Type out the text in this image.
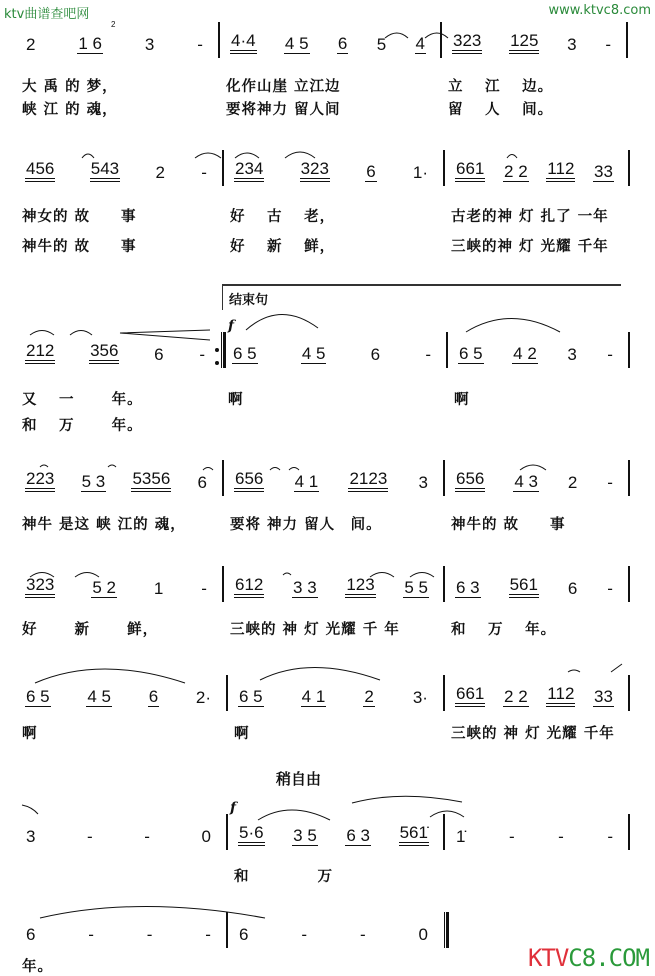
ktv曲谱查吧网	www.ktvc8.com
2	1 6	3	- 4·4 4 5 6 5 4 323 125 3 -
大 禹 的 梦，	化作山崖 立江边	立　 江　 边。
峡 江 的 魂，	要将神力 留人间	留　 人　 间。
456 543 2 - 234 323 6 1· 661 2 2 112 33
神女的 故　　事	好　 古　 老，	古老的神 灯 扎了 一年
神牛的 故　　事	好　 新　 鲜，	三峡的神 灯 光耀 千年
212 356 6 - 6 5	4 5	6	- 6 5 4 2 3 -
又　 一　　 年。	啊	啊
和　 万　　 年。
223 5 3 5356 6 656 4 1 2123 3 656 4 3 2 -
神牛 是这 峡 江的 魂，	要将 神力 留人　间。	神牛的 故　　事
323 5 2 1 - 612 3 3 123 5 5 6 3 561 6 -
好　　 新　　 鲜，	三峡的 神 灯 光耀 千 年	和　 万　 年。
6 5 4 5 6 2· 6 5 4 1 2 3· 661 2 2 112 33
啊	啊	三峡的 神 灯 光耀 千年
3	-	-	0 5·6 3 5 6 3 561̇ 1̇	-	-	-
和　　　　 万
6	-	-	- 6	-	-	0
年。
结束句
f
f
稍自由
2
KTVC8.COM
